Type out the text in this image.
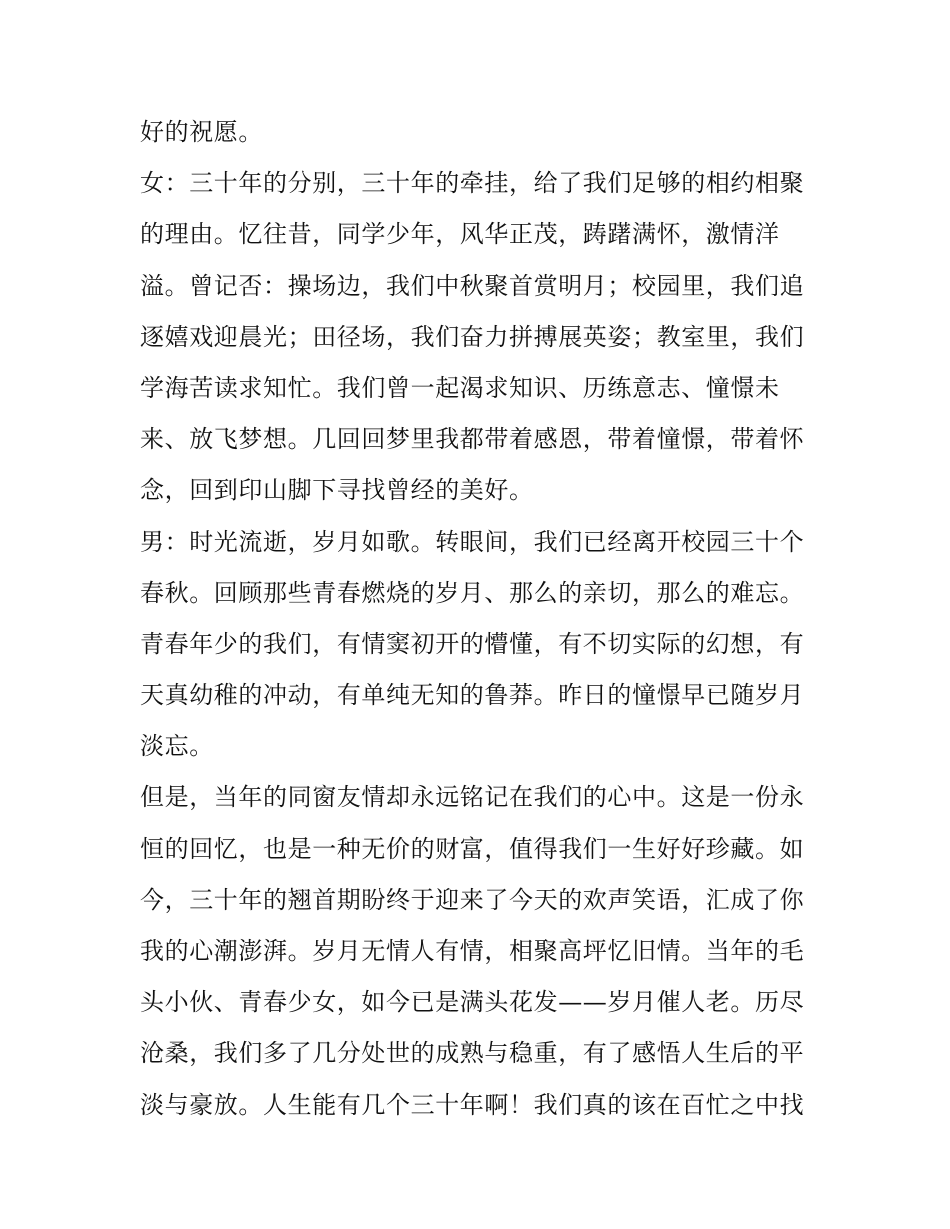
好的祝愿。
女：三十年的分别，三十年的牵挂，给了我们足够的相约相聚
的理由。忆往昔，同学少年，风华正茂，踌躇满怀，激情洋
溢。曾记否：操场边，我们中秋聚首赏明月；校园里，我们追
逐嬉戏迎晨光；田径场，我们奋力拼搏展英姿；教室里，我们
学海苦读求知忙。我们曾一起渴求知识、历练意志、憧憬未
来、放飞梦想。几回回梦里我都带着感恩，带着憧憬，带着怀
念，回到印山脚下寻找曾经的美好。
男：时光流逝，岁月如歌。转眼间，我们已经离开校园三十个
春秋。回顾那些青春燃烧的岁月、那么的亲切，那么的难忘。
青春年少的我们，有情窦初开的懵懂，有不切实际的幻想，有
天真幼稚的冲动，有单纯无知的鲁莽。昨日的憧憬早已随岁月
淡忘。
但是，当年的同窗友情却永远铭记在我们的心中。这是一份永
恒的回忆，也是一种无价的财富，值得我们一生好好珍藏。如
今，三十年的翘首期盼终于迎来了今天的欢声笑语，汇成了你
我的心潮澎湃。岁月无情人有情，相聚高坪忆旧情。当年的毛
头小伙、青春少女，如今已是满头花发——岁月催人老。历尽
沧桑，我们多了几分处世的成熟与稳重，有了感悟人生后的平
淡与豪放。人生能有几个三十年啊！我们真的该在百忙之中找
